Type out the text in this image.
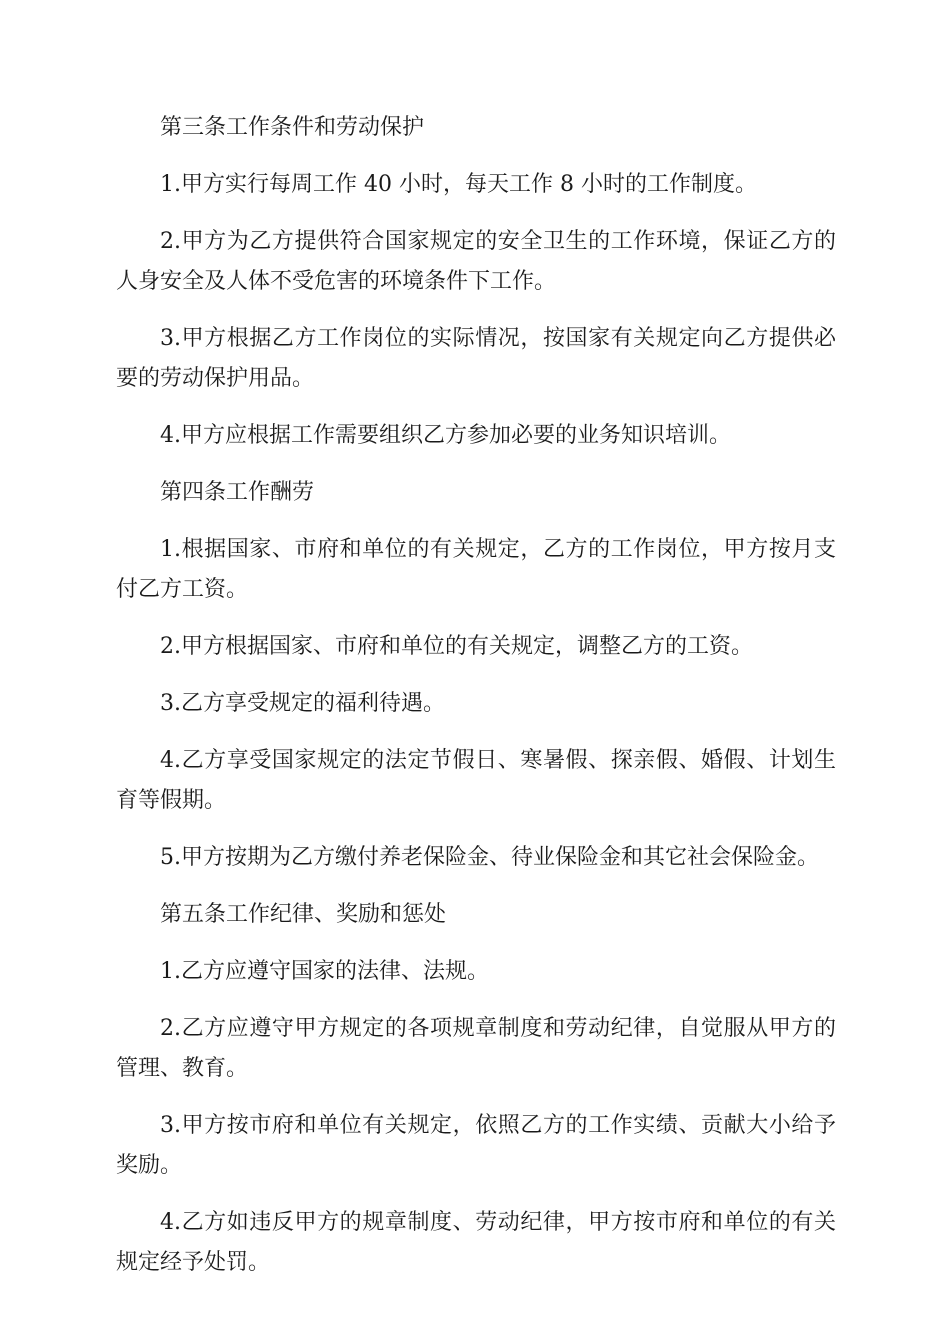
第三条工作条件和劳动保护

1.甲方实行每周工作 40 小时，每天工作 8 小时的工作制度。

2.甲方为乙方提供符合国家规定的安全卫生的工作环境，保证乙方的人身安全及人体不受危害的环境条件下工作。

3.甲方根据乙方工作岗位的实际情况，按国家有关规定向乙方提供必要的劳动保护用品。

4.甲方应根据工作需要组织乙方参加必要的业务知识培训。

第四条工作酬劳

1.根据国家、市府和单位的有关规定，乙方的工作岗位，甲方按月支付乙方工资。

2.甲方根据国家、市府和单位的有关规定，调整乙方的工资。

3.乙方享受规定的福利待遇。

4.乙方享受国家规定的法定节假日、寒暑假、探亲假、婚假、计划生育等假期。

5.甲方按期为乙方缴付养老保险金、待业保险金和其它社会保险金。

第五条工作纪律、奖励和惩处

1.乙方应遵守国家的法律、法规。

2.乙方应遵守甲方规定的各项规章制度和劳动纪律，自觉服从甲方的管理、教育。

3.甲方按市府和单位有关规定，依照乙方的工作实绩、贡献大小给予奖励。

4.乙方如违反甲方的规章制度、劳动纪律，甲方按市府和单位的有关规定经予处罚。
